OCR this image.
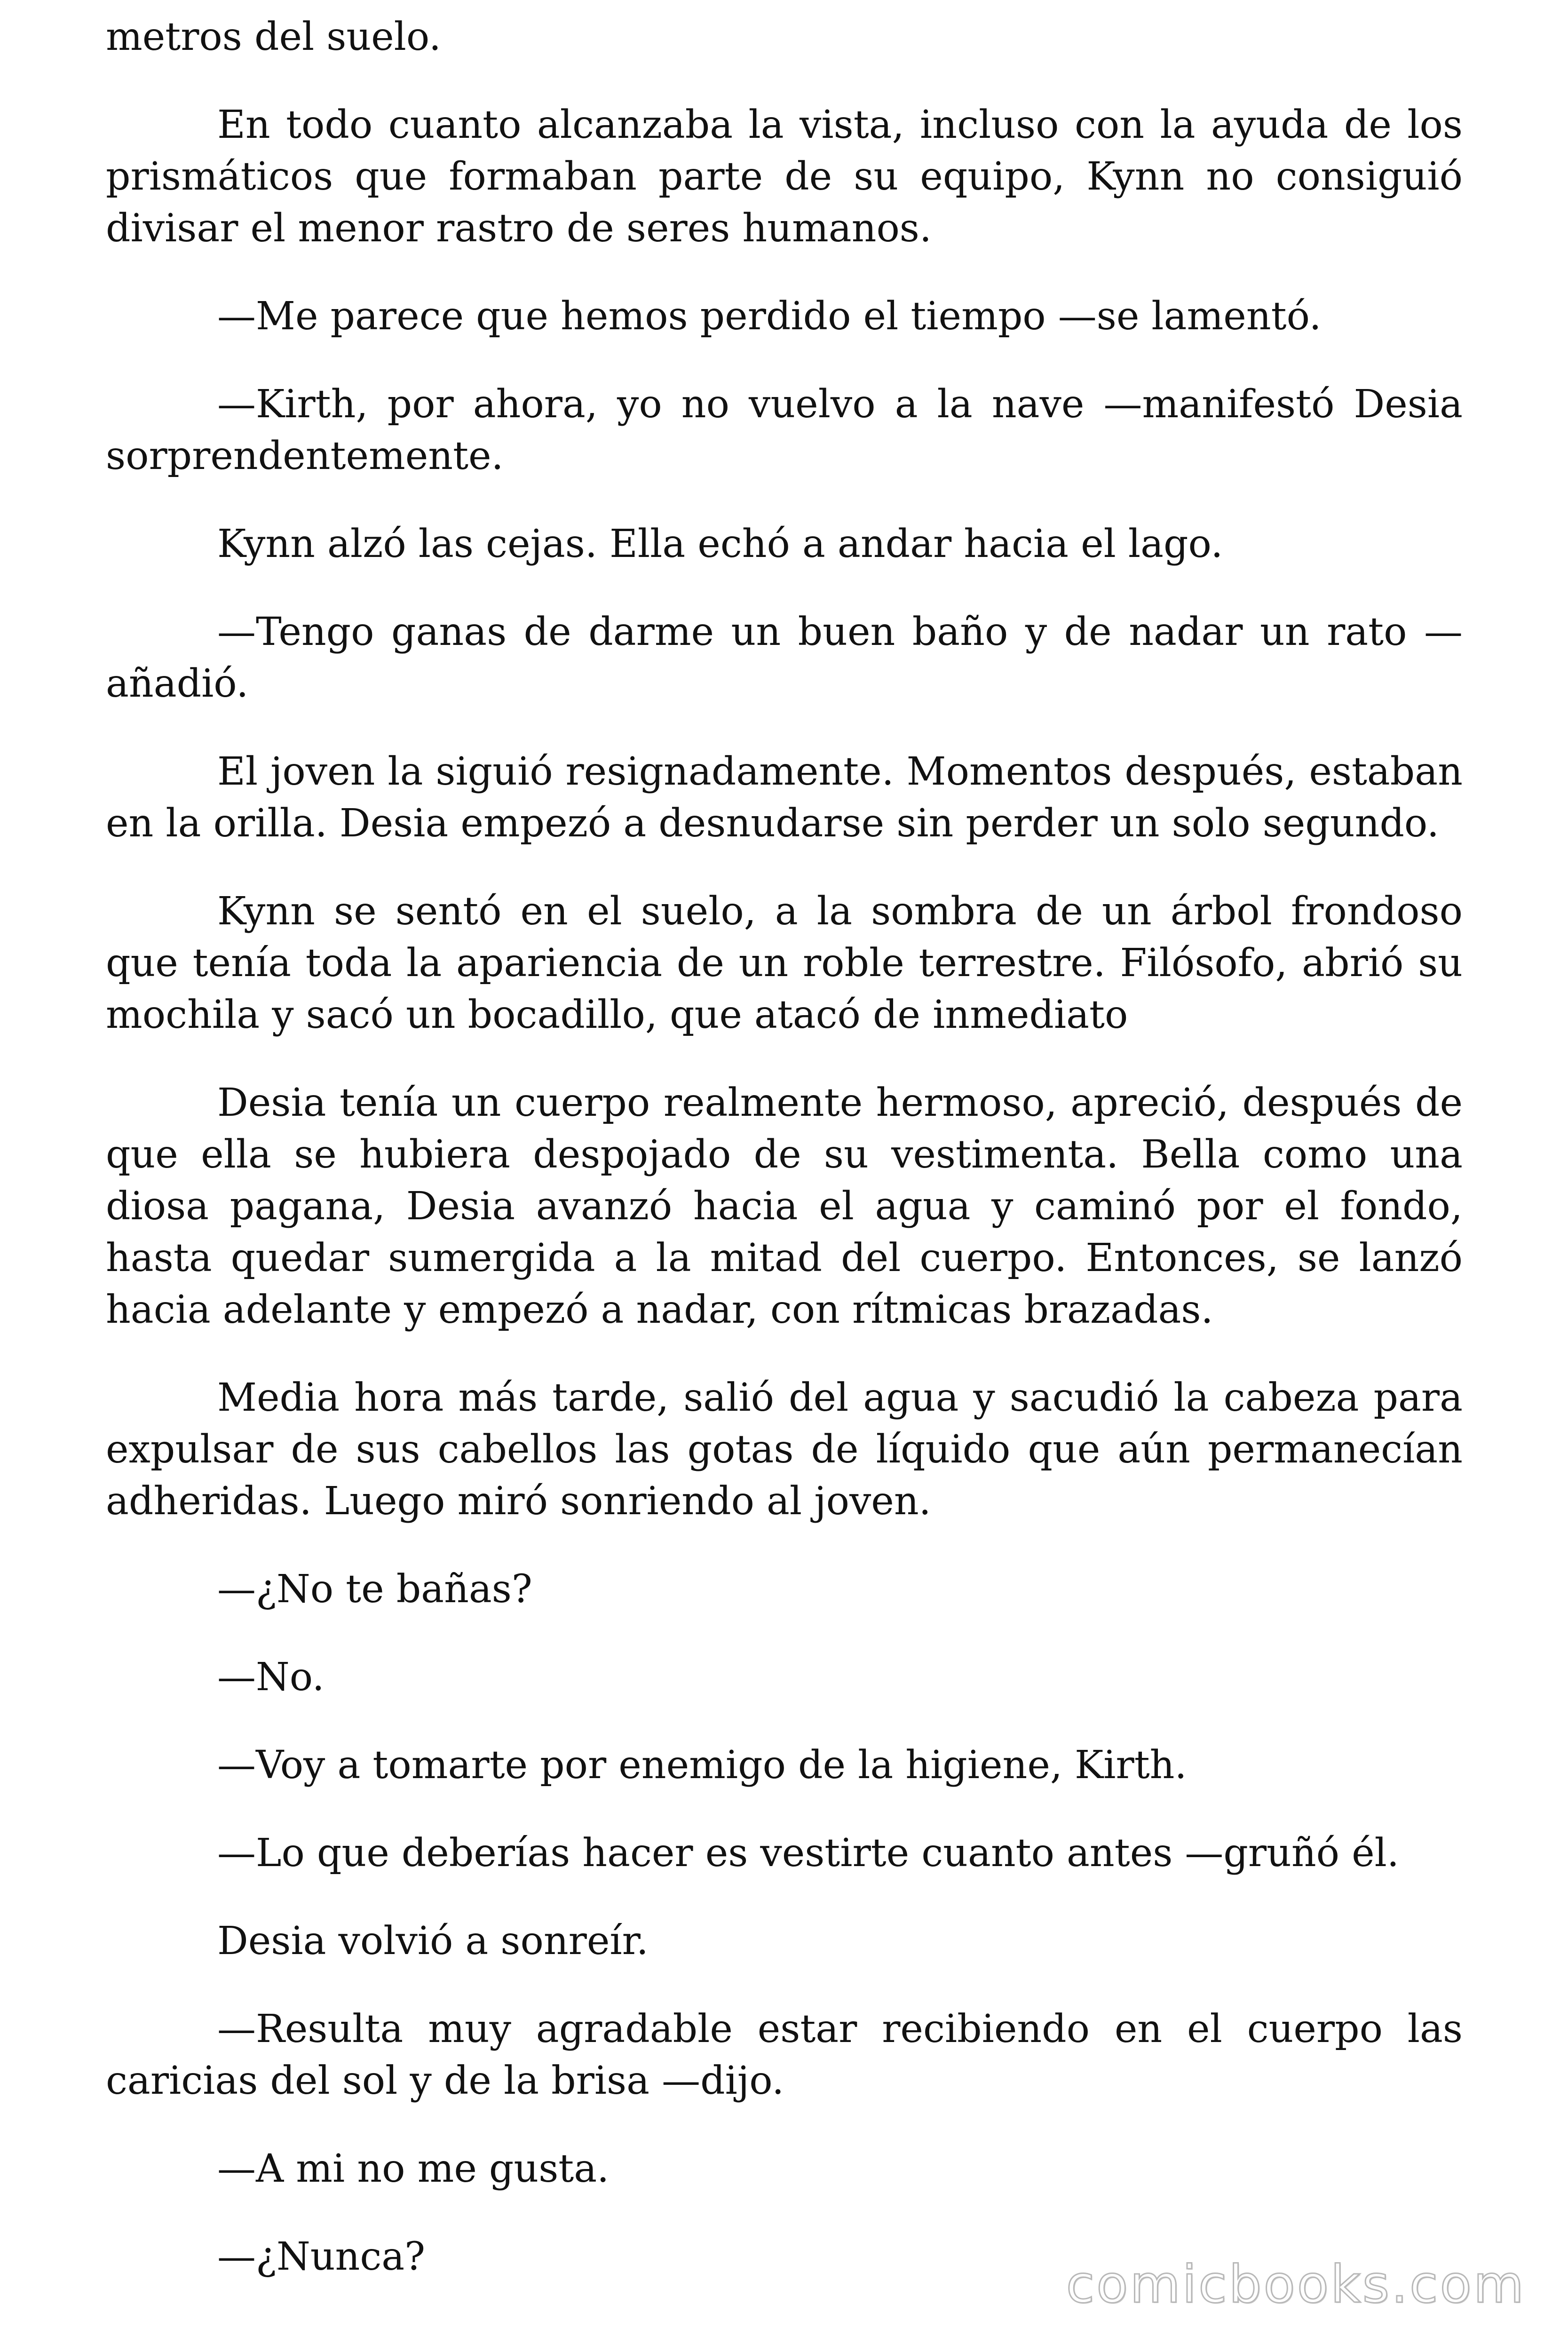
metros del suelo.

En todo cuanto alcanzaba la vista, incluso con la ayuda de los prismáticos que formaban parte de su equipo, Kynn no consiguió divisar el menor rastro de seres humanos.

—Me parece que hemos perdido el tiempo —se lamentó.

—Kirth, por ahora, yo no vuelvo a la nave —manifestó Desia sorprendentemente.

Kynn alzó las cejas. Ella echó a andar hacia el lago.

—Tengo ganas de darme un buen baño y de nadar un rato —añadió.

El joven la siguió resignadamente. Momentos después, estaban en la orilla. Desia empezó a desnudarse sin perder un solo segundo.

Kynn se sentó en el suelo, a la sombra de un árbol frondoso que tenía toda la apariencia de un roble terrestre. Filósofo, abrió su mochila y sacó un bocadillo, que atacó de inmediato

Desia tenía un cuerpo realmente hermoso, apreció, después de que ella se hubiera despojado de su vestimenta. Bella como una diosa pagana, Desia avanzó hacia el agua y caminó por el fondo, hasta quedar sumergida a la mitad del cuerpo. Entonces, se lanzó hacia adelante y empezó a nadar, con rítmicas brazadas.

Media hora más tarde, salió del agua y sacudió la cabeza para expulsar de sus cabellos las gotas de líquido que aún permanecían adheridas. Luego miró sonriendo al joven.

—¿No te bañas?

—No.

—Voy a tomarte por enemigo de la higiene, Kirth.

—Lo que deberías hacer es vestirte cuanto antes —gruñó él.

Desia volvió a sonreír.

—Resulta muy agradable estar recibiendo en el cuerpo las caricias del sol y de la brisa —dijo.

—A mi no me gusta.

—¿Nunca?	comicbooks.com
